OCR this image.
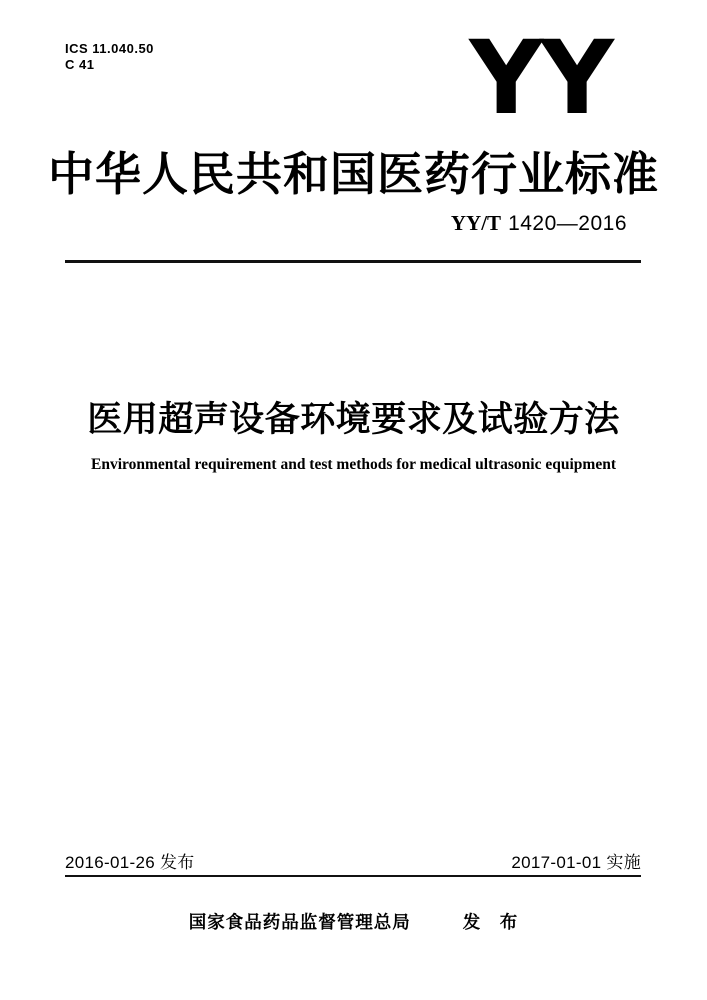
ICS 11.040.50
C 41	YY
中华人民共和国医药行业标准
YY/T 1420—2016
医用超声设备环境要求及试验方法
Environmental requirement and test methods for medical ultrasonic equipment
2016-01-26 发布	2017-01-01 实施
国家食品药品监督管理总局	发　布
